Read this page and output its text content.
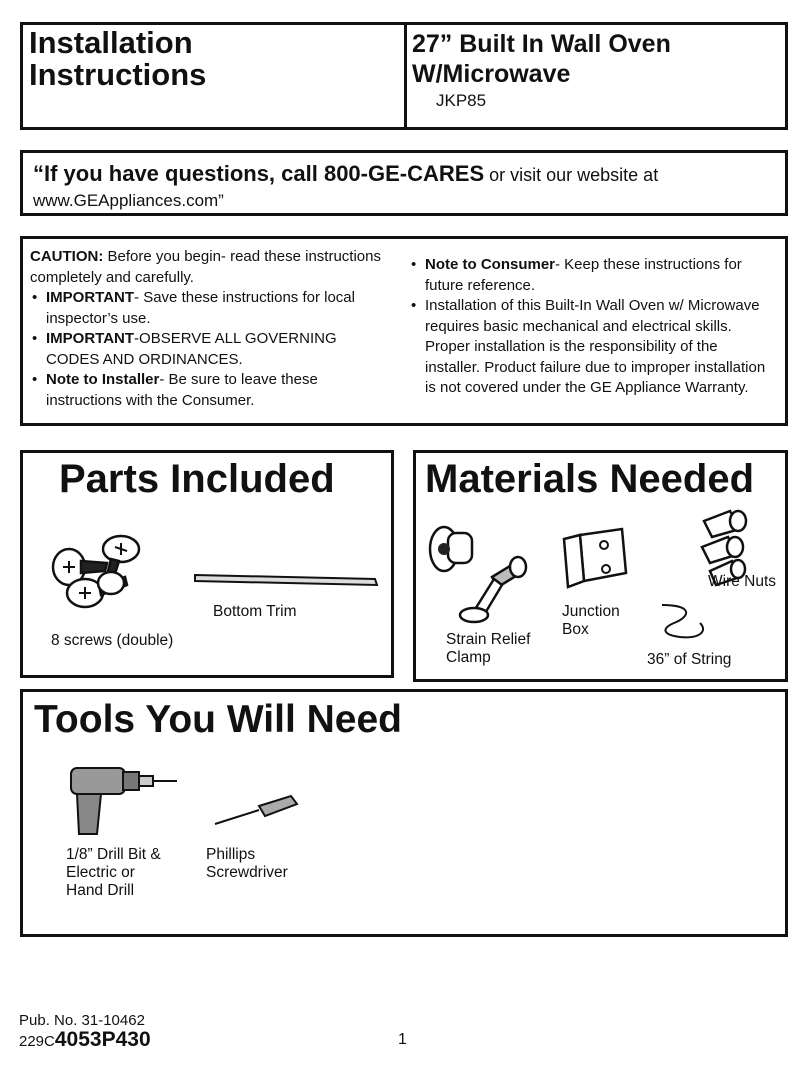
Installation
Instructions
27” Built In Wall Oven
W/Microwave
JKP85
“If you have questions, call 800-GE-CARES or visit our website at
www.GEAppliances.com”

CAUTION: Before you begin- read these instructions completely and carefully.

• IMPORTANT- Save these instructions for local inspector’s use.

• IMPORTANT-OBSERVE ALL GOVERNING CODES AND ORDINANCES.

• Note to Installer- Be sure to leave these instructions with the Consumer.

• Note to Consumer- Keep these instructions for future reference.

• Installation of this Built-In Wall Oven w/ Microwave requires basic mechanical and electrical skills. Proper installation is the responsibility of the installer. Product failure due to improper installation is not covered under the GE Appliance Warranty.

Parts Included
Bottom Trim
8 screws (double)
Materials Needed
Strain Relief
Clamp
Junction
Box
Wire Nuts
36” of String
Tools You Will Need
1/8” Drill Bit &
Electric or
Hand Drill
Phillips
Screwdriver
Pub. No. 31-10462
229C4053P430	1
